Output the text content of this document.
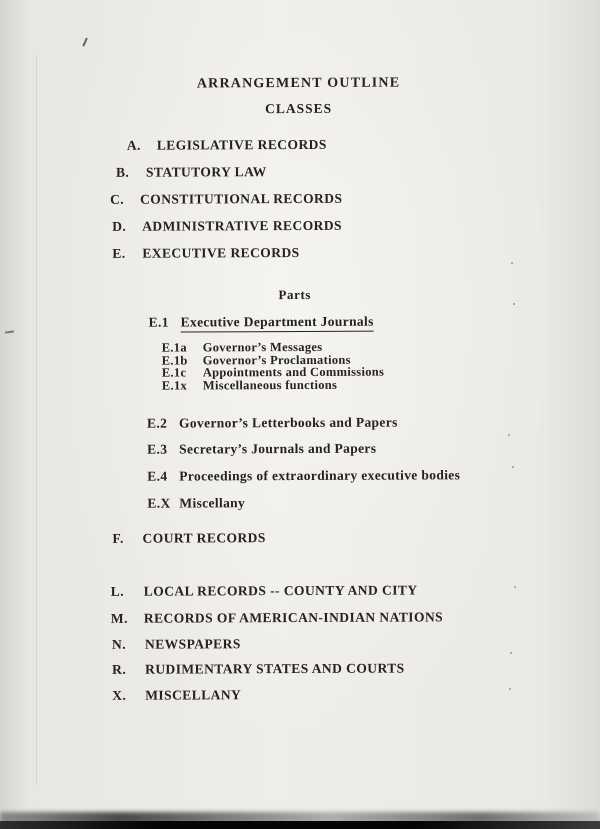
ARRANGEMENT OUTLINE
CLASSES
A.	LEGISLATIVE RECORDS
B.	STATUTORY LAW
C.	CONSTITUTIONAL RECORDS
D.	ADMINISTRATIVE RECORDS
E.	EXECUTIVE RECORDS
Parts
E.1 Executive Department Journals
E.1a	Governor’s Messages
E.1b	Governor’s Proclamations
E.1c	Appointments and Commissions
E.1x	Miscellaneous functions
E.2 Governor’s Letterbooks and Papers
E.3 Secretary’s Journals and Papers
E.4 Proceedings of extraordinary executive bodies
E.X Miscellany
F.	COURT RECORDS
L.	LOCAL RECORDS -- COUNTY AND CITY
M.	RECORDS OF AMERICAN-INDIAN NATIONS
N.	NEWSPAPERS
R.	RUDIMENTARY STATES AND COURTS
X.	MISCELLANY
